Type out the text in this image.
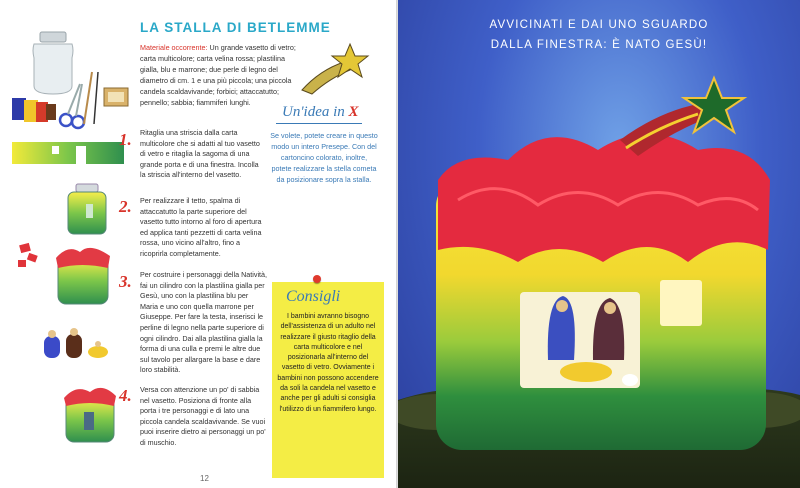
LA STALLA DI BETLEMME
Materiale occorrente: Un grande vasetto di vetro; carta multicolore; carta velina rossa; plastilina gialla, blu e marrone; due perle di legno del diametro di cm. 1 e una più piccola; una piccola candela scaldavivande; forbici; attaccatutto; pennello; sabbia; fiammiferi lunghi.
1. Ritaglia una striscia dalla carta multicolore che si adatti al tuo vasetto di vetro e ritaglia la sagoma di una grande porta e di una finestra. Incolla la striscia all'interno del vasetto.
2. Per realizzare il tetto, spalma di attaccatutto la parte superiore del vasetto tutto intorno al foro di apertura ed applica tanti pezzetti di carta velina rossa, uno vicino all'altro, fino a ricoprirla completamente.
3. Per costruire i personaggi della Natività, fai un cilindro con la plastilina gialla per Gesù, uno con la plastilina blu per Maria e uno con quella marrone per Giuseppe. Per fare la testa, inserisci le perline di legno nella parte superiore di ogni cilindro. Dai alla plastilina gialla la forma di una culla e premi le altre due sul tavolo per allargare la base e dare loro stabilità.
4. Versa con attenzione un po' di sabbia nel vasetto. Posiziona di fronte alla porta i tre personaggi e di lato una piccola candela scaldavivande. Se vuoi puoi inserire dietro ai personaggi un po' di muschio.
Un'idea in X
Se volete, potete creare in questo modo un intero Presepe. Con del cartoncino colorato, inoltre, potete realizzare la stella cometa da posizionare sopra la stalla.
Consigli
I bambini avranno bisogno dell'assistenza di un adulto nel realizzare il giusto ritaglio della carta multicolore e nel posizionarla all'interno del vasetto di vetro. Ovviamente i bambini non possono accendere da soli la candela nel vasetto e anche per gli adulti si consiglia l'utilizzo di un fiammifero lungo.
12
AVVICINATI E DAI UNO SGUARDO
DALLA FINESTRA: È NATO GESÙ!
